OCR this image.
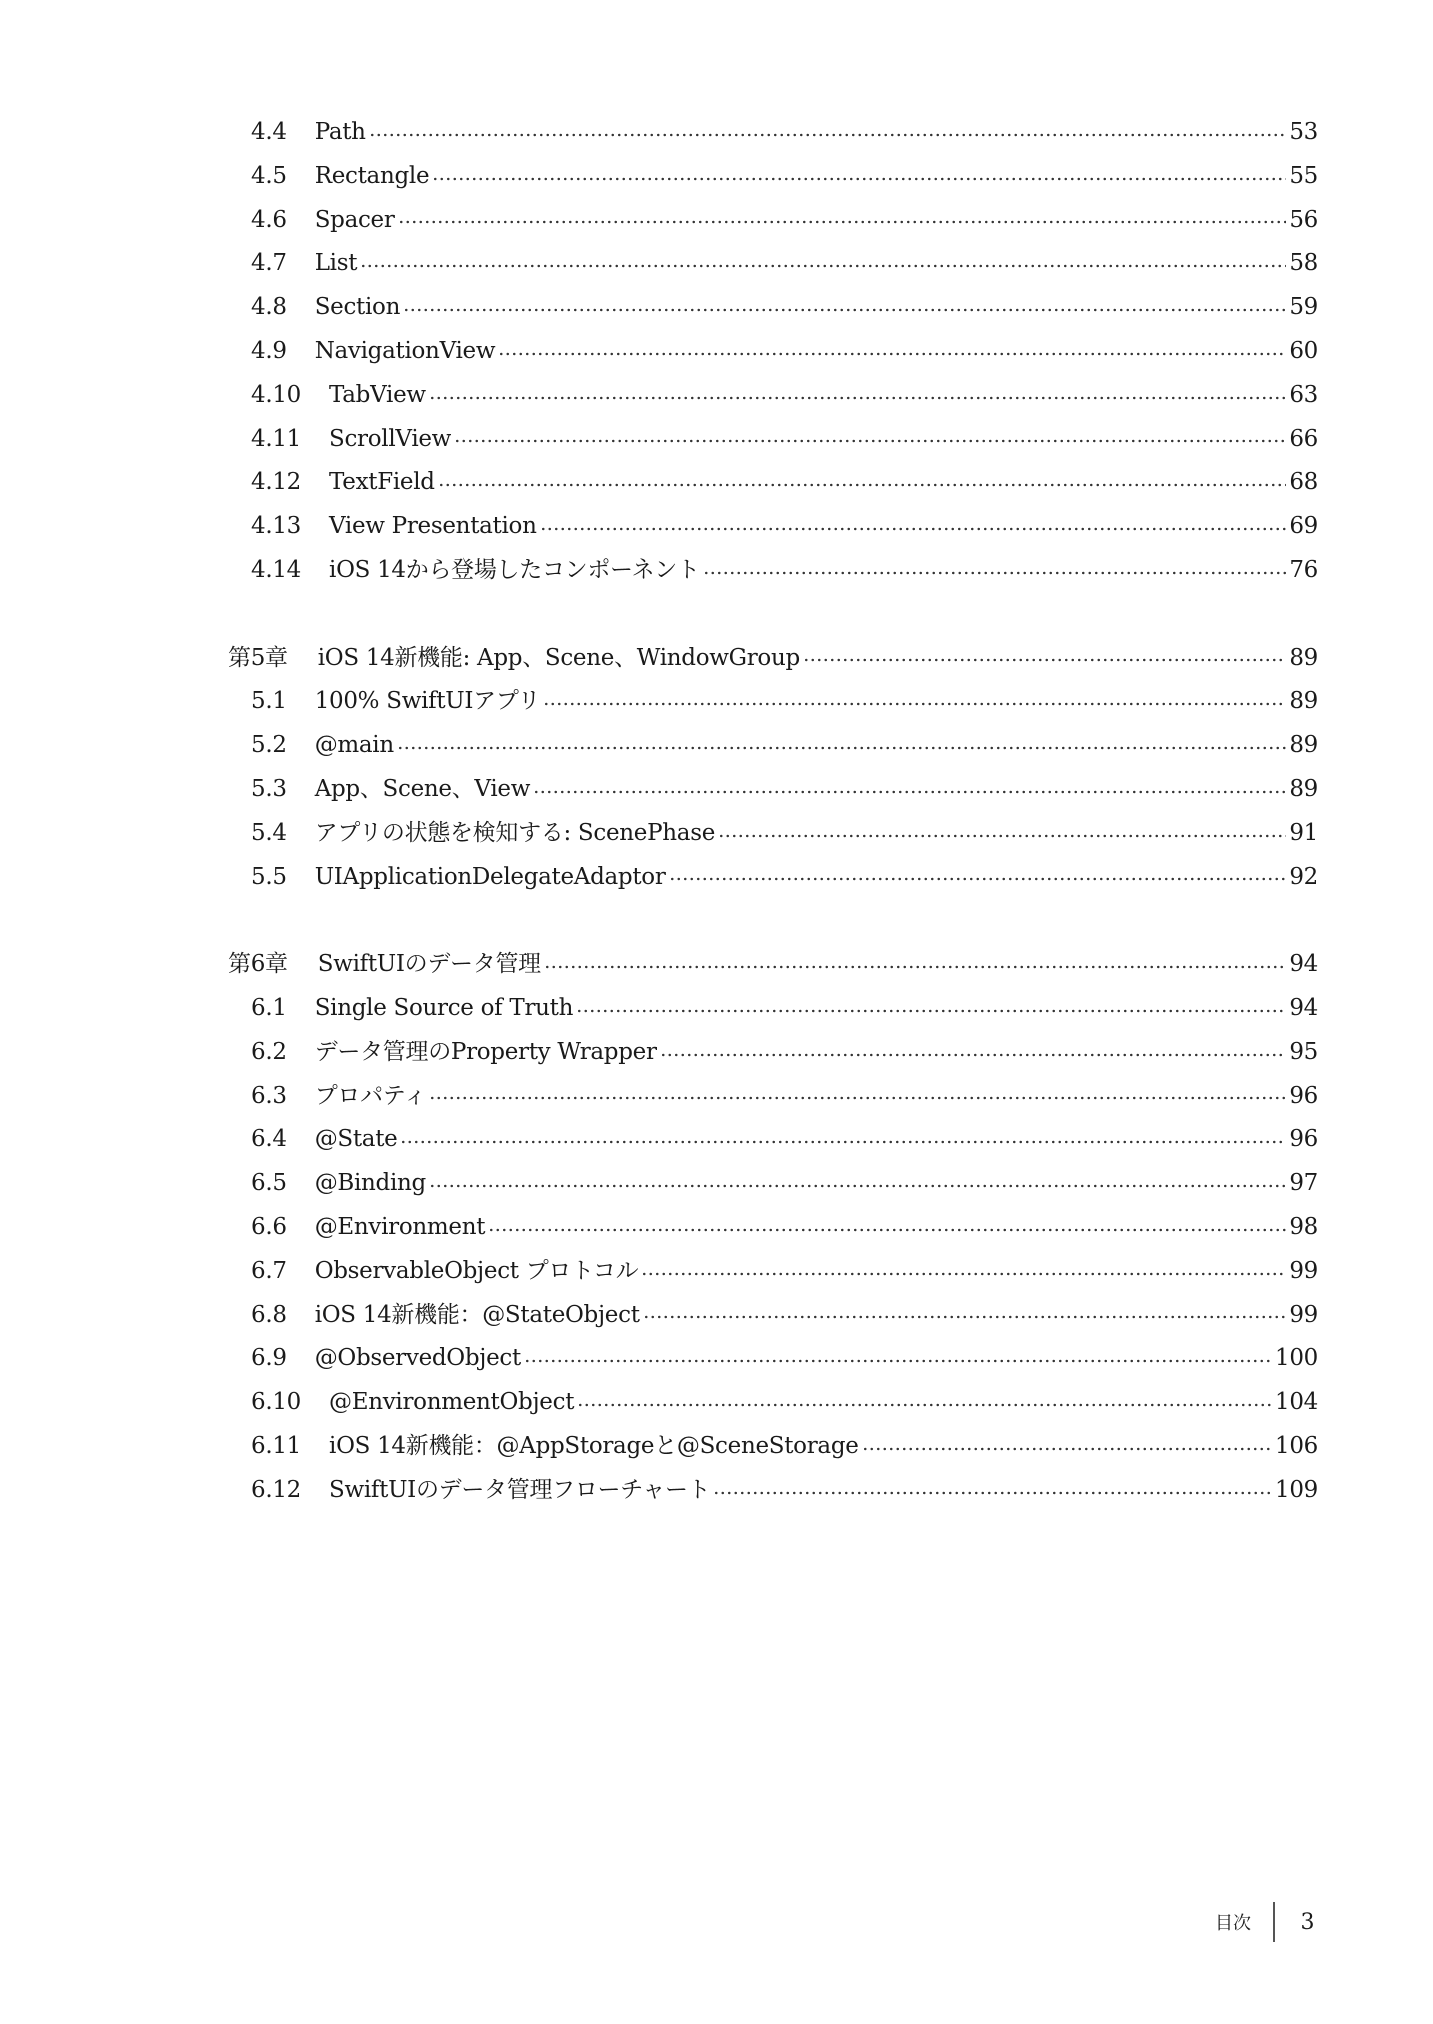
4.4 Path	53
4.5 Rectangle	55
4.6 Spacer	56
4.7 List	58
4.8 Section	59
4.9 NavigationView	60
4.10 TabView	63
4.11 ScrollView	66
4.12 TextField	68
4.13 View Presentation	69
4.14 iOS 14から登場したコンポーネント	76
第5章 iOS 14新機能: App、Scene、WindowGroup	89
5.1 100% SwiftUIアプリ	89
5.2 @main	89
5.3 App、Scene、View	89
5.4 アプリの状態を検知する: ScenePhase	91
5.5 UIApplicationDelegateAdaptor	92
第6章 SwiftUIのデータ管理	94
6.1 Single Source of Truth	94
6.2 データ管理のProperty Wrapper	95
6.3 プロパティ	96
6.4 @State	96
6.5 @Binding	97
6.6 @Environment	98
6.7 ObservableObject プロトコル	99
6.8 iOS 14新機能：@StateObject	99
6.9 @ObservedObject	100
6.10 @EnvironmentObject	104
6.11 iOS 14新機能：@AppStorageと@SceneStorage	106
6.12 SwiftUIのデータ管理フローチャート	109
目次 3
